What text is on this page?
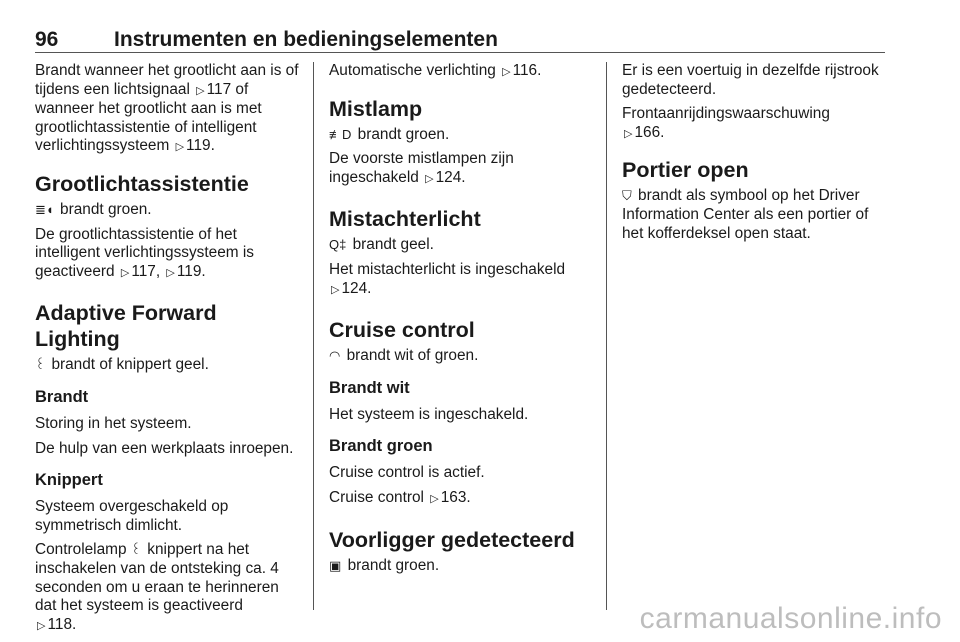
96	Instrumenten en bedieningselementen

Brandt wanneer het grootlicht aan is of tijdens een lichtsignaal ▷ 117 of wanneer het grootlicht aan is met grootlichtassistentie of intelligent verlichtingssysteem ▷ 119.

Grootlichtassistentie

≣◖ brandt groen.

De grootlichtassistentie of het intelligent verlichtingssysteem is geactiveerd ▷ 117, ▷ 119.

Adaptive Forward Lighting

꒰ brandt of knippert geel.

Brandt

Storing in het systeem.

De hulp van een werkplaats inroepen.

Knippert

Systeem overgeschakeld op symmetrisch dimlicht.

Controlelamp ꒰ knippert na het inschakelen van de ontsteking ca. 4 seconden om u eraan te herinneren dat het systeem is geactiveerd
▷ 118.

Automatische verlichting ▷ 116.

Mistlamp

≢D brandt groen.

De voorste mistlampen zijn ingeschakeld ▷ 124.

Mistachterlicht

Q‡ brandt geel.

Het mistachterlicht is ingeschakeld
▷ 124.

Cruise control

◠ brandt wit of groen.

Brandt wit

Het systeem is ingeschakeld.

Brandt groen

Cruise control is actief.

Cruise control ▷ 163.

Voorligger gedetecteerd

▣ brandt groen.

Er is een voertuig in dezelfde rijstrook gedetecteerd.

Frontaanrijdingswaarschuwing
▷ 166.

Portier open

⛉ brandt als symbool op het Driver Information Center als een portier of het kofferdeksel open staat.

carmanualsonline.info
